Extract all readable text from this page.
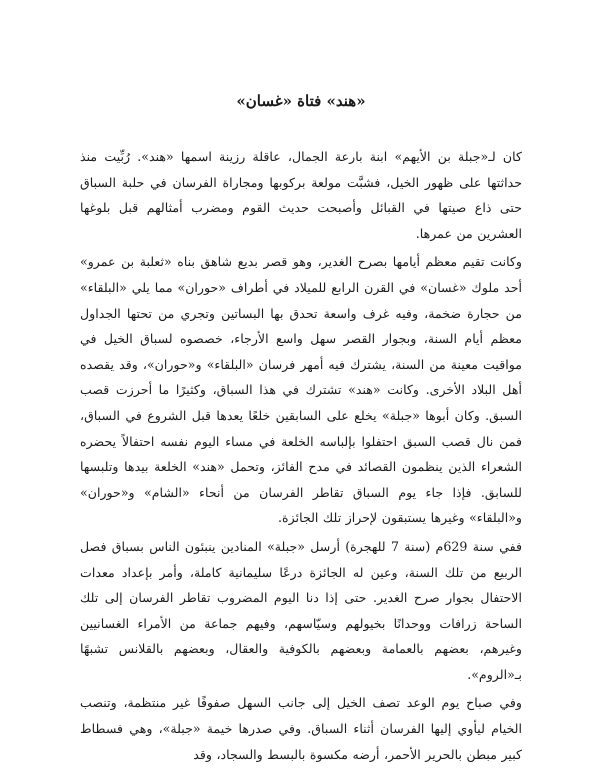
«هند» فتاة «غسان»

كان لـ«جبلة بن الأيهم» ابنة بارعة الجمال، عاقلة رزينة اسمها «هند». رُبِّيت منذ حداثتها على ظهور الخيل، فشبَّت مولعة بركوبها ومجاراة الفرسان في حلبة السباق حتى ذاع صيتها في القبائل وأصبحت حديث القوم ومضرب أمثالهم قبل بلوغها العشرين من عمرها.

وكانت تقيم معظم أيامها بصرح الغدير، وهو قصر بديع شاهق بناه «ثعلبة بن عمرو» أحد ملوك «غسان» في القرن الرابع للميلاد في أطراف «حوران» مما يلي «البلقاء» من حجارة ضخمة، وفيه غرف واسعة تحدق بها البساتين وتجري من تحتها الجداول معظم أيام السنة، وبجوار القصر سهل واسع الأرجاء، خصصوه لسباق الخيل في مواقيت معينة من السنة، يشترك فيه أمهر فرسان «البلقاء» و«حوران»، وقد يقصده أهل البلاد الأخرى. وكانت «هند» تشترك في هذا السباق، وكثيرًا ما أحرزت قصب السبق. وكان أبوها «جبلة» يخلع على السابقين خلعًا يعدها قبل الشروع في السباق، فمن نال قصب السبق احتفلوا بإلباسه الخلعة في مساء اليوم نفسه احتفالاً يحضره الشعراء الذين ينظمون القصائد في مدح الفائز، وتحمل «هند» الخلعة بيدها وتلبسها للسابق. فإذا جاء يوم السباق تقاطر الفرسان من أنحاء «الشام» و«حوران» و«البلقاء» وغيرها يستبقون لإحراز تلك الجائزة.

ففي سنة 629م (سنة 7 للهجرة) أرسل «جبلة» المنادين ينبئون الناس بسباق فصل الربيع من تلك السنة، وعين له الجائزة درعًا سليمانية كاملة، وأمر بإعداد معدات الاحتفال بجوار صرح الغدير. حتى إذا دنا اليوم المضروب تقاطر الفرسان إلى تلك الساحة زرافات ووحدانًا بخيولهم وسيّاسهم، وفيهم جماعة من الأمراء الغسانيين وغيرهم، بعضهم بالعمامة وبعضهم بالكوفية والعقال، وبعضهم بالقلانس تشبهًا بـ«الروم».

وفي صباح يوم الوعد تصف الخيل إلى جانب السهل صفوفًا غير منتظمة، وتنصب الخيام ليأوي إليها الفرسان أثناء السباق. وفي صدرها خيمة «جبلة»، وهي فسطاط كبير مبطن بالحرير الأحمر، أرضه مكسوة بالبسط والسجاد، وقد
